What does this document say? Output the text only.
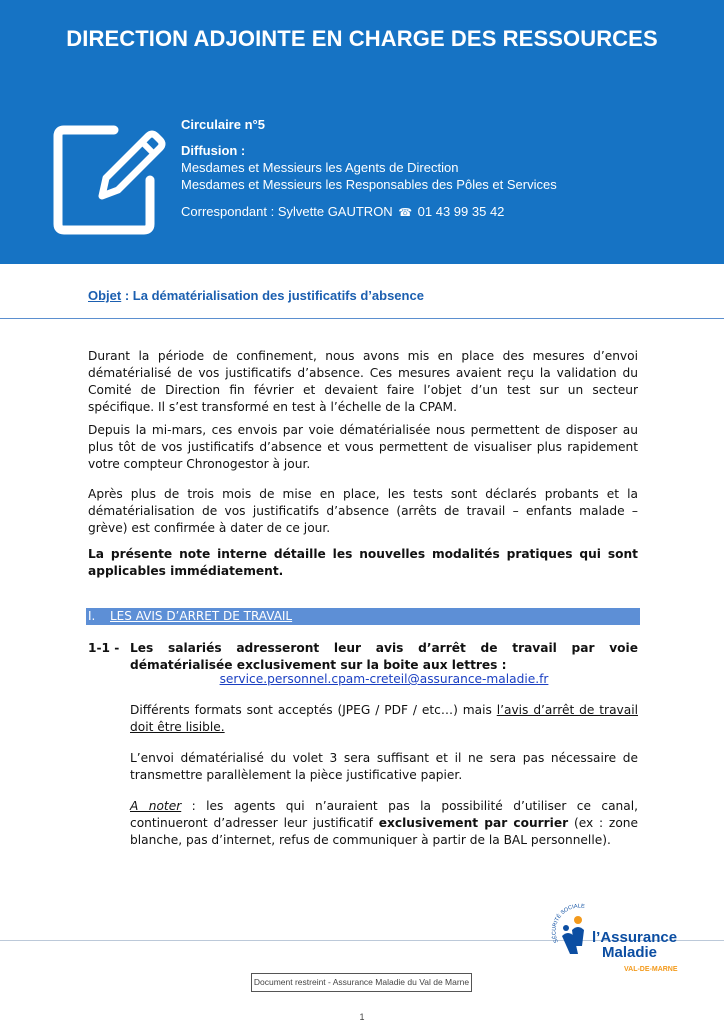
DIRECTION ADJOINTE EN CHARGE DES RESSOURCES
Circulaire n°5
Diffusion :
Mesdames et Messieurs les Agents de Direction
Mesdames et Messieurs les Responsables des Pôles et Services
Correspondant : Sylvette GAUTRON ☎ 01 43 99 35 42
Objet : La dématérialisation des justificatifs d’absence

Durant la période de confinement, nous avons mis en place des mesures d’envoi dématérialisé de vos justificatifs d’absence. Ces mesures avaient reçu la validation du Comité de Direction fin février et devaient faire l’objet d’un test sur un secteur spécifique. Il s’est transformé en test à l’échelle de la CPAM.

Depuis la mi-mars, ces envois par voie dématérialisée nous permettent de disposer au plus tôt de vos justificatifs d’absence et vous permettent de visualiser plus rapidement votre compteur Chronogestor à jour.

Après plus de trois mois de mise en place, les tests sont déclarés probants et la dématérialisation de vos justificatifs d’absence (arrêts de travail – enfants malade – grève) est confirmée à dater de ce jour.

La présente note interne détaille les nouvelles modalités pratiques qui sont applicables immédiatement.

I. LES AVIS D’ARRET DE TRAVAIL
1-1 - Les salariés adresseront leur avis d’arrêt de travail par voie dématérialisée exclusivement sur la boite aux lettres :

service.personnel.cpam-creteil@assurance-maladie.fr

Différents formats sont acceptés (JPEG / PDF / etc…) mais l’avis d’arrêt de travail doit être lisible.

L’envoi dématérialisé du volet 3 sera suffisant et il ne sera pas nécessaire de transmettre parallèlement la pièce justificative papier.

A noter : les agents qui n’auraient pas la possibilité d’utiliser ce canal, continueront d’adresser leur justificatif exclusivement par courrier (ex : zone blanche, pas d’internet, refus de communiquer à partir de la BAL personnelle).

SÉCURITÉ SOCIALE
l’Assurance
Maladie
VAL-DE-MARNE
Document restreint - Assurance Maladie du Val de Marne
1
